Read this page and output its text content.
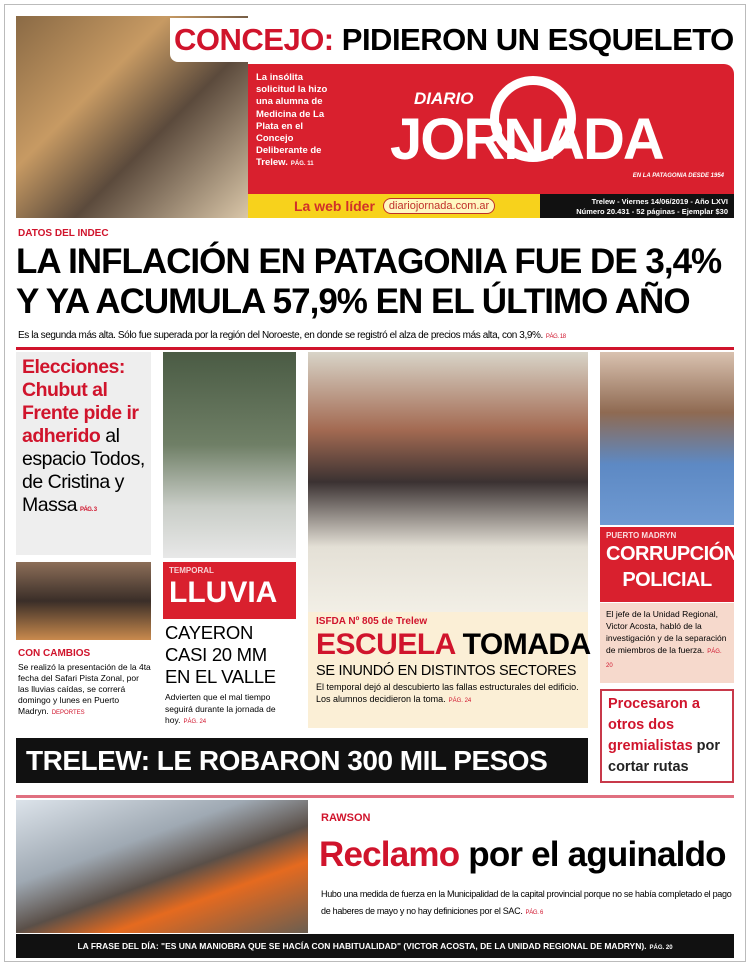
CONCEJO: PIDIERON UN ESQUELETO
La insólita solicitud la hizo una alumna de Medicina de La Plata en el Concejo Deliberante de Trelew. PÁG. 11
DIARIO
JORNADA
EN LA PATAGONIA DESDE 1954
La web líder	diariojornada.com.ar	Trelew - Viernes 14/06/2019 - Año LXVI
Número 20.431 - 52 páginas - Ejemplar $30
DATOS DEL INDEC
LA INFLACIÓN EN PATAGONIA FUE DE 3,4%
Y YA ACUMULA 57,9% EN EL ÚLTIMO AÑO
Es la segunda más alta. Sólo fue superada por la región del Noroeste, en donde se registró el alza de precios más alta, con 3,9%. PÁG. 18
Elecciones: Chubut al Frente pide ir adherido al espacio Todos, de Cristina y Massa PÁG. 3
CON CAMBIOS
Se realizó la presentación de la 4ta fecha del Safari Pista Zonal, por las lluvias caídas, se correrá domingo y lunes en Puerto Madryn. DEPORTES
TEMPORAL
LLUVIA
CAYERON CASI 20 MM EN EL VALLE
Advierten que el mal tiempo seguirá durante la jornada de hoy. PÁG. 24
ISFDA Nº 805 de Trelew
ESCUELA TOMADA
SE INUNDÓ EN DISTINTOS SECTORES
El temporal dejó al descubierto las fallas estructurales del edificio. Los alumnos decidieron la toma. PÁG. 24
PUERTO MADRYN
CORRUPCIÓN POLICIAL
El jefe de la Unidad Regional, Victor Acosta, habló de la investigación y de la separación de miembros de la fuerza. PÁG. 20
Procesaron a otros dos gremialistas por cortar rutas
TRELEW: LE ROBARON 300 MIL PESOS
RAWSON
Reclamo por el aguinaldo
Hubo una medida de fuerza en la Municipalidad de la capital provincial porque no se había completado el pago de haberes de mayo y no hay definiciones por el SAC. PÁG. 6
LA FRASE DEL DÍA: "ES UNA MANIOBRA QUE SE HACÍA CON HABITUALIDAD" (VICTOR ACOSTA, DE LA UNIDAD REGIONAL DE MADRYN). PÁG. 20
